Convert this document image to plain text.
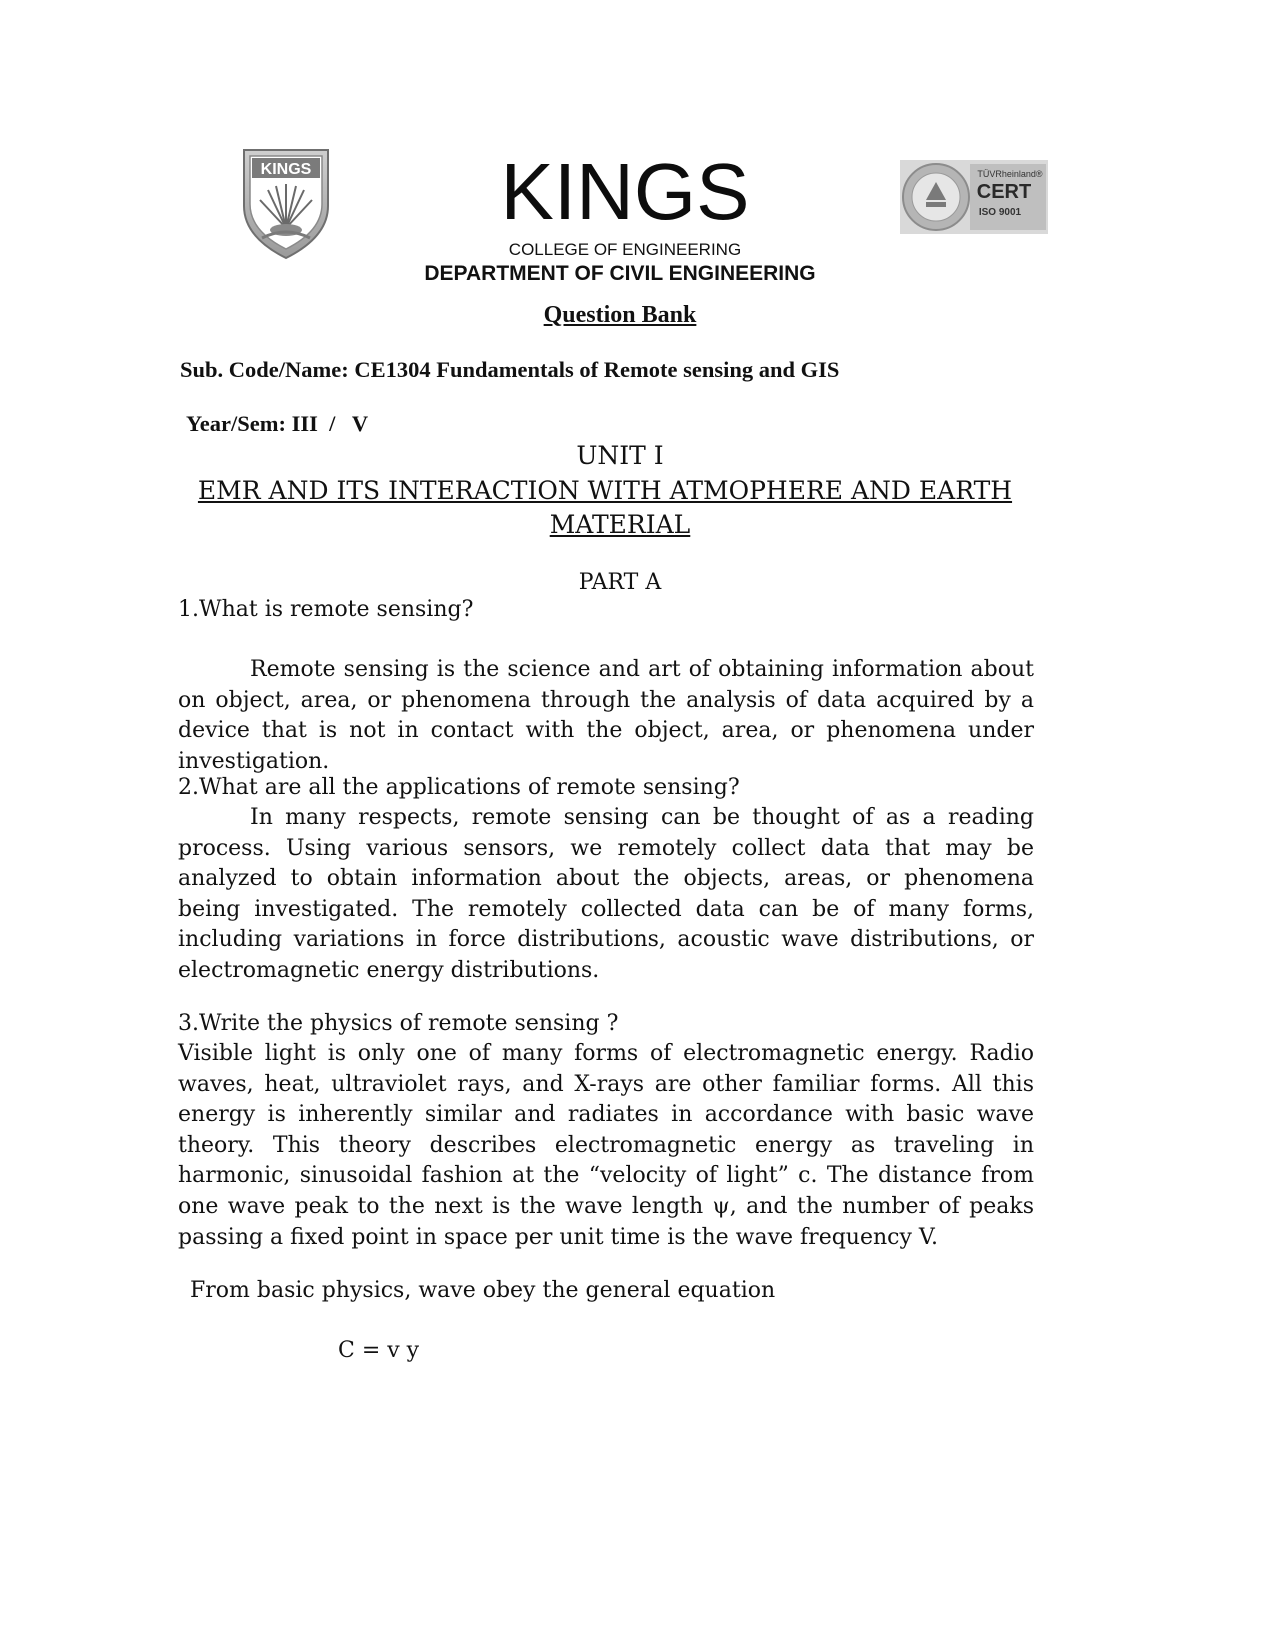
KINGS	KINGS
COLLEGE OF ENGINEERING
DEPARTMENT OF CIVIL ENGINEERING
TÜVRheinland®
CERT
ISO 9001
Question Bank
Sub. Code/Name: CE1304 Fundamentals of Remote sensing and GIS
Year/Sem: III  /   V
UNIT I
EMR AND ITS INTERACTION WITH ATMOPHERE AND EARTH
MATERIAL
PART A
1.What is remote sensing?
Remote sensing is the science and art of obtaining information about on object, area, or phenomena through the analysis of data acquired by a device that is not in contact with the object, area, or phenomena under investigation.
2.What are all the applications of remote sensing?
In many respects, remote sensing can be thought of as a reading process. Using various sensors, we remotely collect data that may be analyzed to obtain information about the objects, areas, or phenomena being investigated. The remotely collected data can be of many forms, including variations in force distributions, acoustic wave distributions, or electromagnetic energy distributions.
3.Write the physics of remote sensing ?
Visible light is only one of many forms of electromagnetic energy. Radio waves, heat, ultraviolet rays, and X-rays are other familiar forms. All this energy is inherently similar and radiates in accordance with basic wave theory. This theory describes electromagnetic energy as traveling in harmonic, sinusoidal fashion at the “velocity of light” c. The distance from one wave peak to the next is the wave length ψ, and the number of peaks passing a fixed point in space per unit time is the wave frequency V.
From basic physics, wave obey the general equation
C = v y
